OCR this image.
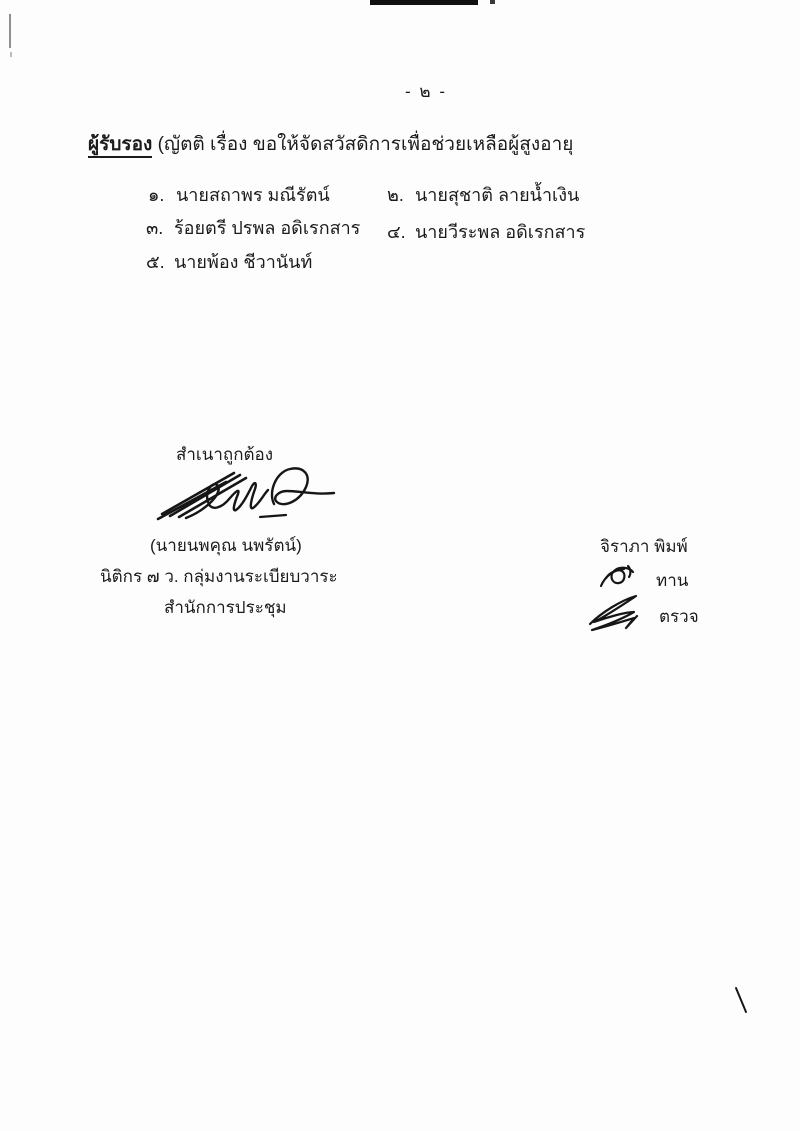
- ๒ -
ผู้รับรอง (ญัตติ เรื่อง ขอให้จัดสวัสดิการเพื่อช่วยเหลือผู้สูงอายุ
๑. นายสถาพร มณีรัตน์	๒. นายสุชาติ ลายน้ำเงิน
๓. ร้อยตรี ปรพล อดิเรกสาร ๔. นายวีระพล อดิเรกสาร
๕. นายพ้อง ชีวานันท์
สำเนาถูกต้อง
(นายนพคุณ นพรัตน์)
นิติกร ๗ ว. กลุ่มงานระเบียบวาระ
สำนักการประชุม
จิราภา พิมพ์
ทาน
ตรวจ
